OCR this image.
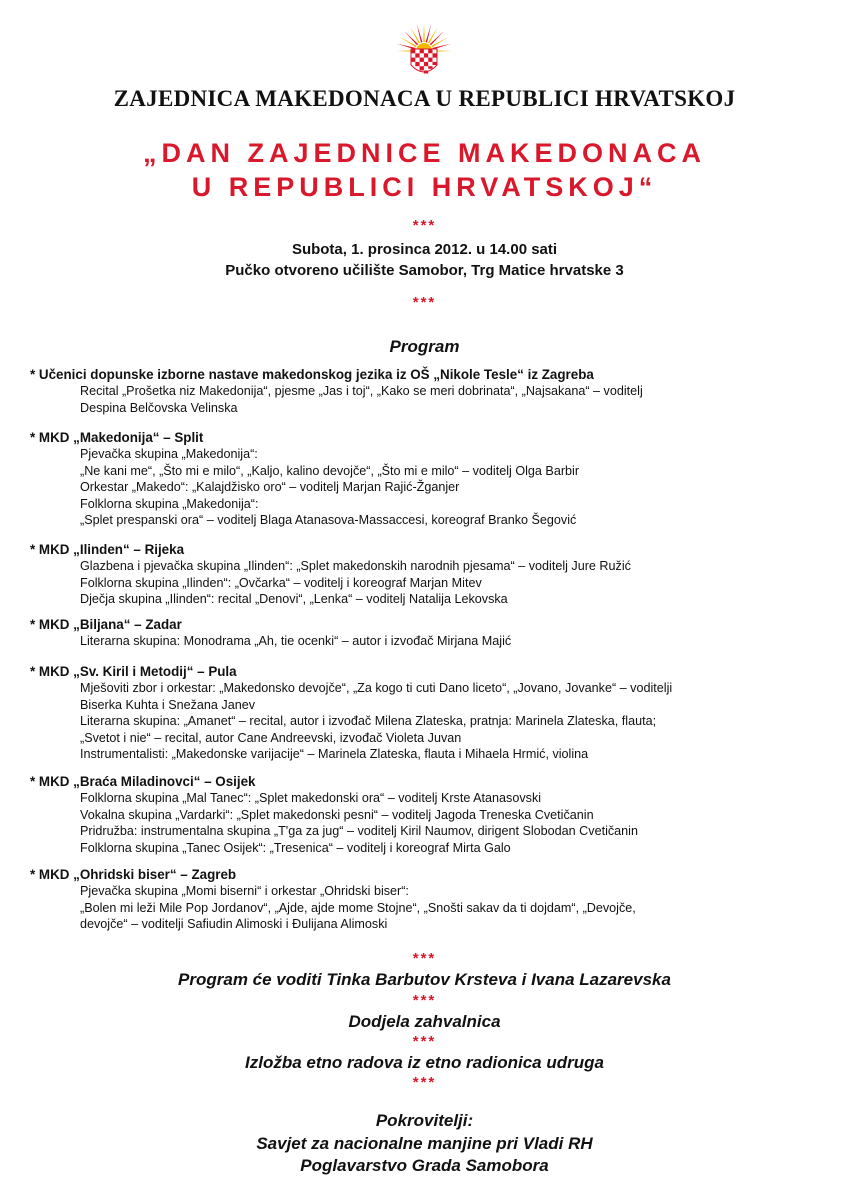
ZAJEDNICA MAKEDONACA U REPUBLICI HRVATSKOJ
„DAN ZAJEDNICE MAKEDONACA
U REPUBLICI HRVATSKOJ“
***
Subota, 1. prosinca 2012. u 14.00 sati
Pučko otvoreno učilište Samobor, Trg Matice hrvatske 3
***
Program
* Učenici dopunske izborne nastave makedonskog jezika iz OŠ „Nikole Tesle“ iz Zagreba
Recital „Prošetka niz Makedonija“, pjesme „Jas i toj“, „Kako se meri dobrinata“, „Najsakana“ – voditelj
Despina Belčovska Velinska
* MKD „Makedonija“ – Split
Pjevačka skupina „Makedonija“:
„Ne kani me“, „Što mi e milo“, „Kaljo, kalino devojče“, „Što mi e milo“ – voditelj Olga Barbir
Orkestar „Makedo“: „Kalajdžisko oro“ – voditelj Marjan Rajić-Žganjer
Folklorna skupina „Makedonija“:
„Splet prespanski ora“ – voditelj Blaga Atanasova-Massaccesi, koreograf Branko Šegović
* MKD „Ilinden“ – Rijeka
Glazbena i pjevačka skupina „Ilinden“: „Splet makedonskih narodnih pjesama“ – voditelj Jure Ružić
Folklorna skupina „Ilinden“: „Ovčarka“ – voditelj i koreograf Marjan Mitev
Dječja skupina „Ilinden“: recital „Denovi“, „Lenka“ – voditelj Natalija Lekovska
* MKD „Biljana“ – Zadar
Literarna skupina: Monodrama „Ah, tie ocenki“ – autor i izvođač Mirjana Majić
* MKD „Sv. Kiril i Metodij“ – Pula
Mješoviti zbor i orkestar: „Makedonsko devojče“, „Za kogo ti cuti Dano liceto“, „Jovano, Jovanke“ – voditelji
Biserka Kuhta i Snežana Janev
Literarna skupina: „Amanet“ – recital, autor i izvođač Milena Zlateska, pratnja: Marinela Zlateska, flauta;
„Svetot i nie“ – recital, autor Cane Andreevski, izvođač Violeta Juvan
Instrumentalisti: „Makedonske varijacije“ – Marinela Zlateska, flauta i Mihaela Hrmić, violina
* MKD „Braća Miladinovci“ – Osijek
Folklorna skupina „Mal Tanec“: „Splet makedonski ora“ – voditelj Krste Atanasovski
Vokalna skupina „Vardarki“: „Splet makedonski pesni“ – voditelj Jagoda Treneska Cvetičanin
Pridružba: instrumentalna skupina „T'ga za jug“ – voditelj Kiril Naumov, dirigent Slobodan Cvetičanin
Folklorna skupina „Tanec Osijek“: „Tresenica“ – voditelj i koreograf Mirta Galo
* MKD „Ohridski biser“ – Zagreb
Pjevačka skupina „Momi biserni“ i orkestar „Ohridski biser“:
„Bolen mi leži Mile Pop Jordanov“, „Ajde, ajde mome Stojne“, „Snošti sakav da ti dojdam“, „Devojče,
devojče“ – voditelji Safiudin Alimoski i Đulijana Alimoski
***
Program će voditi Tinka Barbutov Krsteva i Ivana Lazarevska
***
Dodjela zahvalnica
***
Izložba etno radova iz etno radionica udruga
***
Pokrovitelji:
Savjet za nacionalne manjine pri Vladi RH
Poglavarstvo Grada Samobora
